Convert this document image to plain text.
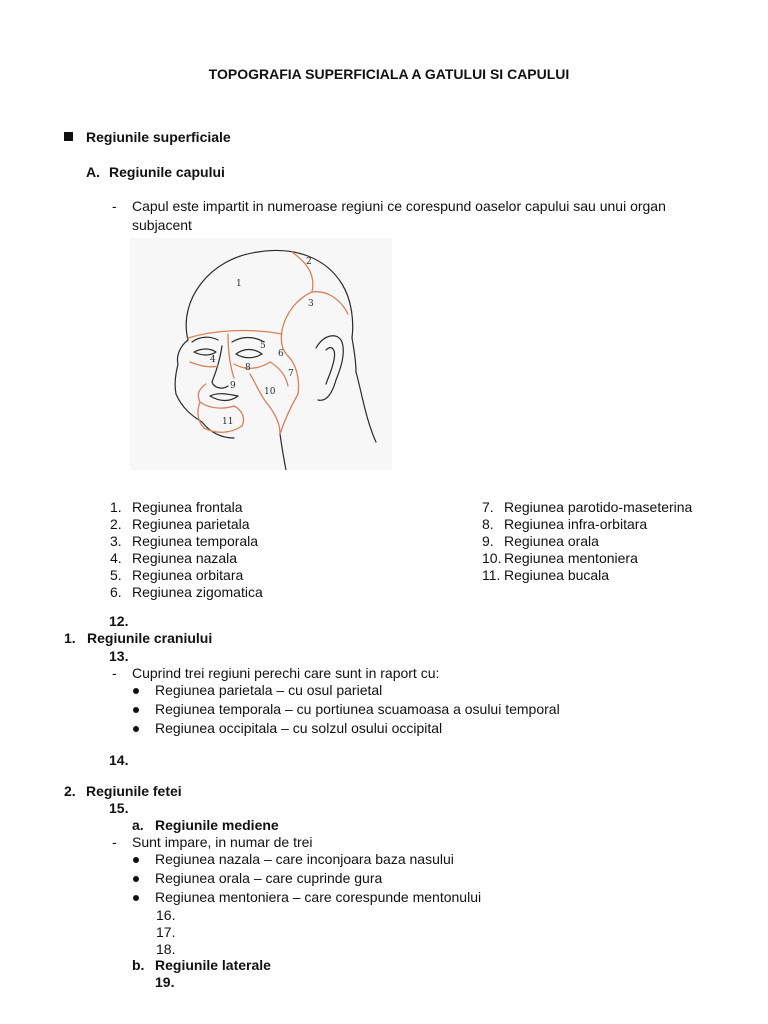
TOPOGRAFIA SUPERFICIALA A GATULUI SI CAPULUI
Regiunile superficiale
A. Regiunile capului
- Capul este impartit in numeroase regiuni ce corespund oaselor capului sau unui organ
subjacent
1
2
3
4
5
6
7
8
9
10
11
1. Regiunea frontala
2. Regiunea parietala
3. Regiunea temporala
4. Regiunea nazala
5. Regiunea orbitara
6. Regiunea zigomatica
7. Regiunea parotido-maseterina
8. Regiunea infra-orbitara
9. Regiunea orala
10. Regiunea mentoniera
11. Regiunea bucala
12.
1. Regiunile craniului
13.
- Cuprind trei regiuni perechi care sunt in raport cu:
Regiunea parietala – cu osul parietal
Regiunea temporala – cu portiunea scuamoasa a osului temporal
Regiunea occipitala – cu solzul osului occipital
14.
2. Regiunile fetei
15.
a. Regiunile mediene
- Sunt impare, in numar de trei
Regiunea nazala – care inconjoara baza nasului
Regiunea orala – care cuprinde gura
Regiunea mentoniera – care corespunde mentonului
16.
17.
18.
b. Regiunile laterale
19.
